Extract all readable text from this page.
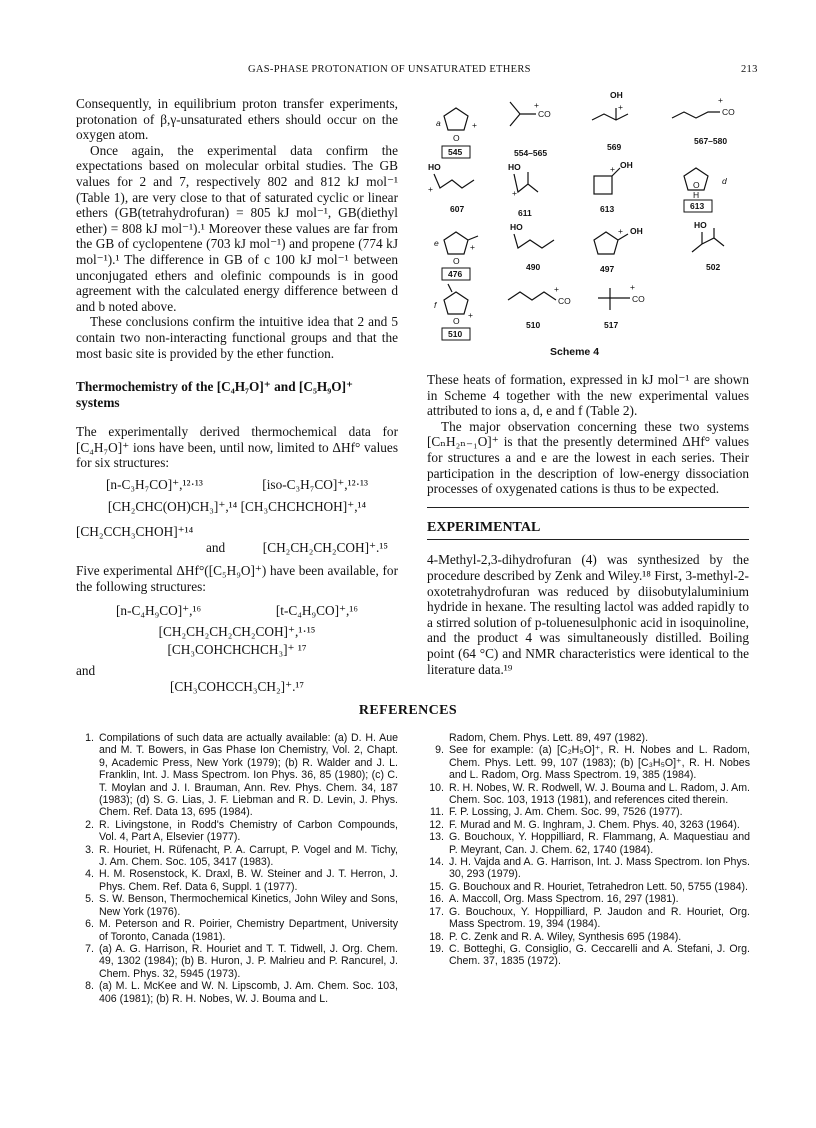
GAS-PHASE PROTONATION OF UNSATURATED ETHERS	213

Consequently, in equilibrium proton transfer experiments, protonation of β,γ-unsaturated ethers should occur on the oxygen atom.

Once again, the experimental data confirm the expectations based on molecular orbital studies. The GB values for 2 and 7, respectively 802 and 812 kJ mol⁻¹ (Table 1), are very close to that of saturated cyclic or linear ethers (GB(tetrahydrofuran) = 805 kJ mol⁻¹, GB(diethyl ether) = 808 kJ mol⁻¹).¹ Moreover these values are far from the GB of cyclopentene (703 kJ mol⁻¹) and propene (774 kJ mol⁻¹).¹ The difference in GB of c 100 kJ mol⁻¹ between unconjugated ethers and olefinic compounds is in good agreement with the calculated energy difference between d and b noted above.

These conclusions confirm the intuitive idea that 2 and 5 contain two non-interacting functional groups and that the most basic site is provided by the ether function.

Thermochemistry of the [C₄H₇O]⁺ and [C₅H₉O]⁺ systems

The experimentally derived thermochemical data for [C₄H₇O]⁺ ions have been, until now, limited to ΔHf° values for six structures:

[n-C₃H₇CO]⁺,¹²·¹³	[iso-C₃H₇CO]⁺,¹²·¹³
[CH₂CHC(OH)CH₃]⁺,¹⁴ [CH₃CHCHCHOH]⁺,¹⁴
[CH₂CCH₃CHOH]⁺¹⁴
and	[CH₂CH₂CH₂COH]⁺.¹⁵

Five experimental ΔHf°([C₅H₉O]⁺) have been available, for the following structures:

[n-C₄H₉CO]⁺,¹⁶	[t-C₄H₉CO]⁺,¹⁶
[CH₂CH₂CH₂CH₂COH]⁺,¹·¹⁵
[CH₃COHCHCHCH₃]⁺ ¹⁷
and
[CH₃COHCCH₃CH₂]⁺.¹⁷
O
a	+
545
CO
+
554–565
OH
+
569
CO
+
567–580
HO
+
607
HO
+
611
OH
+
613
O
H
d
613
O
e	+
476
HO
490
OH
+
497
HO
502
O
f
+
510
CO
+
510
CO
+
517
Scheme 4

These heats of formation, expressed in kJ mol⁻¹ are shown in Scheme 4 together with the new experimental values attributed to ions a, d, e and f (Table 2).

The major observation concerning these two systems [CₙH₂ₙ₋₁O]⁺ is that the presently determined ΔHf° values for structures a and e are the lowest in each series. Their participation in the description of low-energy dissociation processes of oxygenated cations is thus to be expected.

EXPERIMENTAL

4-Methyl-2,3-dihydrofuran (4) was synthesized by the procedure described by Zenk and Wiley.¹⁸ First, 3-methyl-2-oxotetrahydrofuran was reduced by diisobutylaluminium hydride in hexane. The resulting lactol was added rapidly to a stirred solution of p-toluenesulphonic acid in isoquinoline, and the product 4 was simultaneously distilled. Boiling point (64 °C) and NMR characteristics were identical to the literature data.¹⁹

REFERENCES
1. Compilations of such data are actually available: (a) D. H. Aue and M. T. Bowers, in Gas Phase Ion Chemistry, Vol. 2, Chapt. 9, Academic Press, New York (1979); (b) R. Walder and J. L. Franklin, Int. J. Mass Spectrom. Ion Phys. 36, 85 (1980); (c) C. T. Moylan and J. I. Brauman, Ann. Rev. Phys. Chem. 34, 187 (1983); (d) S. G. Lias, J. F. Liebman and R. D. Levin, J. Phys. Chem. Ref. Data 13, 695 (1984).
2. R. Livingstone, in Rodd's Chemistry of Carbon Compounds, Vol. 4, Part A, Elsevier (1977).
3. R. Houriet, H. Rüfenacht, P. A. Carrupt, P. Vogel and M. Tichy, J. Am. Chem. Soc. 105, 3417 (1983).
4. H. M. Rosenstock, K. Draxl, B. W. Steiner and J. T. Herron, J. Phys. Chem. Ref. Data 6, Suppl. 1 (1977).
5. S. W. Benson, Thermochemical Kinetics, John Wiley and Sons, New York (1976).
6. M. Peterson and R. Poirier, Chemistry Department, University of Toronto, Canada (1981).
7. (a) A. G. Harrison, R. Houriet and T. T. Tidwell, J. Org. Chem. 49, 1302 (1984); (b) B. Huron, J. P. Malrieu and P. Rancurel, J. Chem. Phys. 32, 5945 (1973).
8. (a) M. L. McKee and W. N. Lipscomb, J. Am. Chem. Soc. 103, 406 (1981); (b) R. H. Nobes, W. J. Bouma and L.
Radom, Chem. Phys. Lett. 89, 497 (1982).
9. See for example: (a) [C₂H₅O]⁺, R. H. Nobes and L. Radom, Chem. Phys. Lett. 99, 107 (1983); (b) [C₃H₅O]⁺, R. H. Nobes and L. Radom, Org. Mass Spectrom. 19, 385 (1984).
10. R. H. Nobes, W. R. Rodwell, W. J. Bouma and L. Radom, J. Am. Chem. Soc. 103, 1913 (1981), and references cited therein.
11. F. P. Lossing, J. Am. Chem. Soc. 99, 7526 (1977).
12. F. Murad and M. G. Inghram, J. Chem. Phys. 40, 3263 (1964).
13. G. Bouchoux, Y. Hoppilliard, R. Flammang, A. Maquestiau and P. Meyrant, Can. J. Chem. 62, 1740 (1984).
14. J. H. Vajda and A. G. Harrison, Int. J. Mass Spectrom. Ion Phys. 30, 293 (1979).
15. G. Bouchoux and R. Houriet, Tetrahedron Lett. 50, 5755 (1984).
16. A. Maccoll, Org. Mass Spectrom. 16, 297 (1981).
17. G. Bouchoux, Y. Hoppilliard, P. Jaudon and R. Houriet, Org. Mass Spectrom. 19, 394 (1984).
18. P. C. Zenk and R. A. Wiley, Synthesis 695 (1984).
19. C. Botteghi, G. Consiglio, G. Ceccarelli and A. Stefani, J. Org. Chem. 37, 1835 (1972).
